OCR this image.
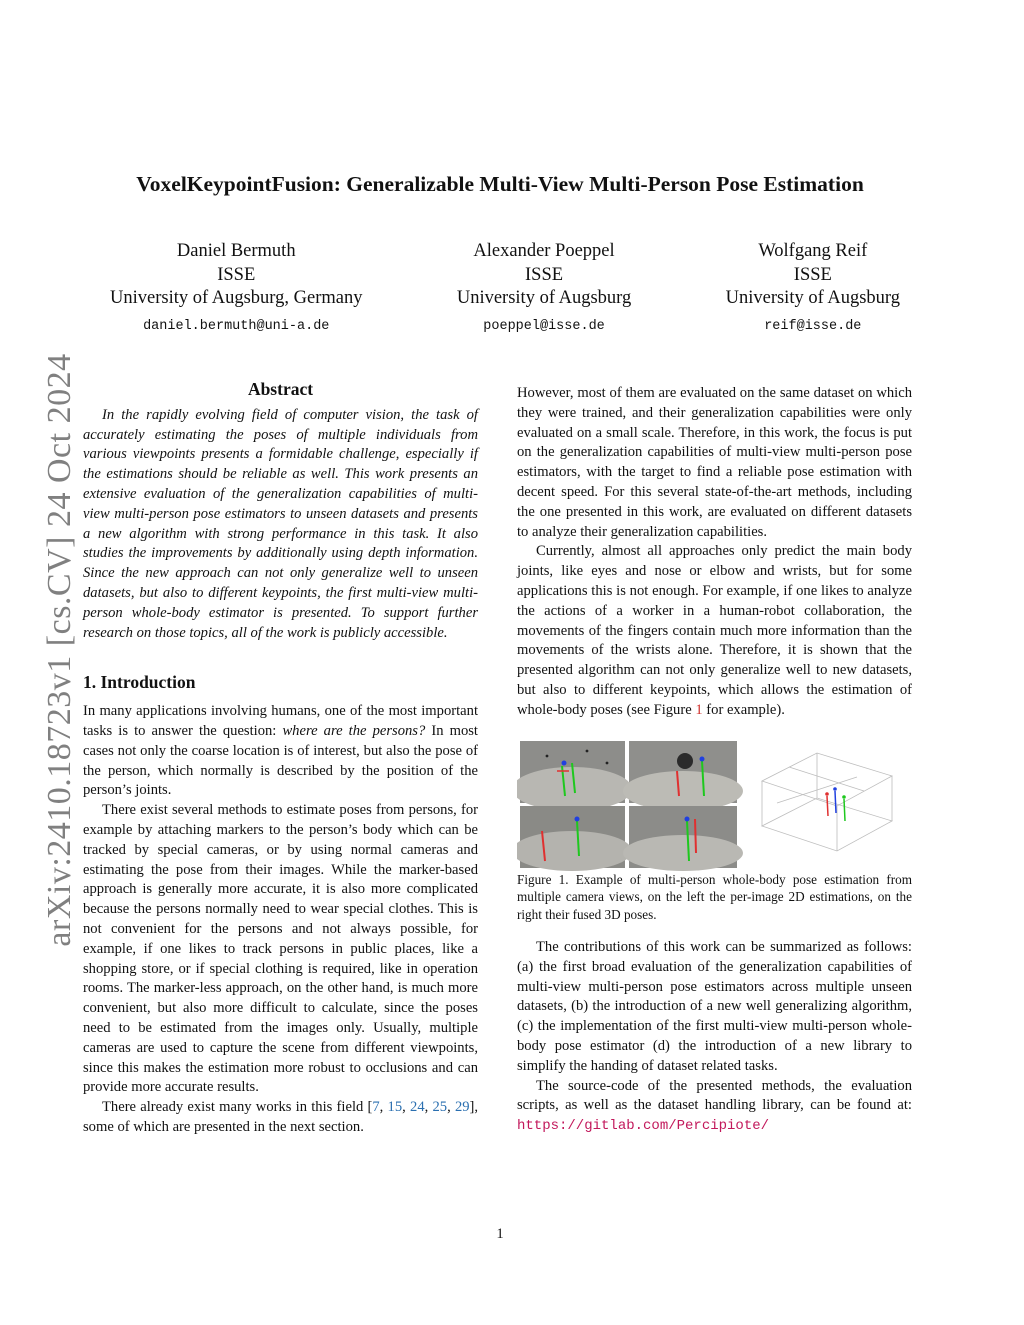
arXiv:2410.18723v1 [cs.CV] 24 Oct 2024
VoxelKeypointFusion: Generalizable Multi-View Multi-Person Pose Estimation
Daniel Bermuth
ISSE
University of Augsburg, Germany
daniel.bermuth@uni-a.de
Alexander Poeppel
ISSE
University of Augsburg
poeppel@isse.de
Wolfgang Reif
ISSE
University of Augsburg
reif@isse.de
Abstract

In the rapidly evolving field of computer vision, the task of accurately estimating the poses of multiple individuals from various viewpoints presents a formidable challenge, especially if the estimations should be reliable as well. This work presents an extensive evaluation of the generalization capabilities of multi-view multi-person pose estimators to unseen datasets and presents a new algorithm with strong performance in this task. It also studies the improvements by additionally using depth information. Since the new approach can not only generalize well to unseen datasets, but also to different keypoints, the first multi-view multi-person whole-body estimator is presented. To support further research on those topics, all of the work is publicly accessible.

1. Introduction

In many applications involving humans, one of the most important tasks is to answer the question: where are the persons? In most cases not only the coarse location is of interest, but also the pose of the person, which normally is described by the position of the person’s joints.

There exist several methods to estimate poses from persons, for example by attaching markers to the person’s body which can be tracked by special cameras, or by using normal cameras and estimating the pose from their images. While the marker-based approach is generally more accurate, it is also more complicated because the persons normally need to wear special clothes. This is not convenient for the persons and not always possible, for example, if one likes to track persons in public places, like a shopping store, or if special clothing is required, like in operation rooms. The marker-less approach, on the other hand, is much more convenient, but also more difficult to calculate, since the poses need to be estimated from the images only. Usually, multiple cameras are used to capture the scene from different viewpoints, since this makes the estimation more robust to occlusions and can provide more accurate results.

There already exist many works in this field [7, 15, 24, 25, 29], some of which are presented in the next section.

However, most of them are evaluated on the same dataset on which they were trained, and their generalization capabilities were only evaluated on a small scale. Therefore, in this work, the focus is put on the generalization capabilities of multi-view multi-person pose estimators, with the target to find a reliable pose estimation with decent speed. For this several state-of-the-art methods, including the one presented in this work, are evaluated on different datasets to analyze their generalization capabilities.

Currently, almost all approaches only predict the main body joints, like eyes and nose or elbow and wrists, but for some applications this is not enough. For example, if one likes to analyze the actions of a worker in a human-robot collaboration, the movements of the fingers contain much more information than the movements of the wrists alone. Therefore, it is shown that the presented algorithm can not only generalize well to new datasets, but also to different keypoints, which allows the estimation of whole-body poses (see Figure 1 for example).

Figure 1. Example of multi-person whole-body pose estimation from multiple camera views, on the left the per-image 2D estimations, on the right their fused 3D poses.

The contributions of this work can be summarized as follows: (a) the first broad evaluation of the generalization capabilities of multi-view multi-person pose estimators across multiple unseen datasets, (b) the introduction of a new well generalizing algorithm, (c) the implementation of the first multi-view multi-person whole-body pose estimator (d) the introduction of a new library to simplify the handing of dataset related tasks.

The source-code of the presented methods, the evaluation scripts, as well as the dataset handling library, can be found at: https://gitlab.com/Percipiote/

1
